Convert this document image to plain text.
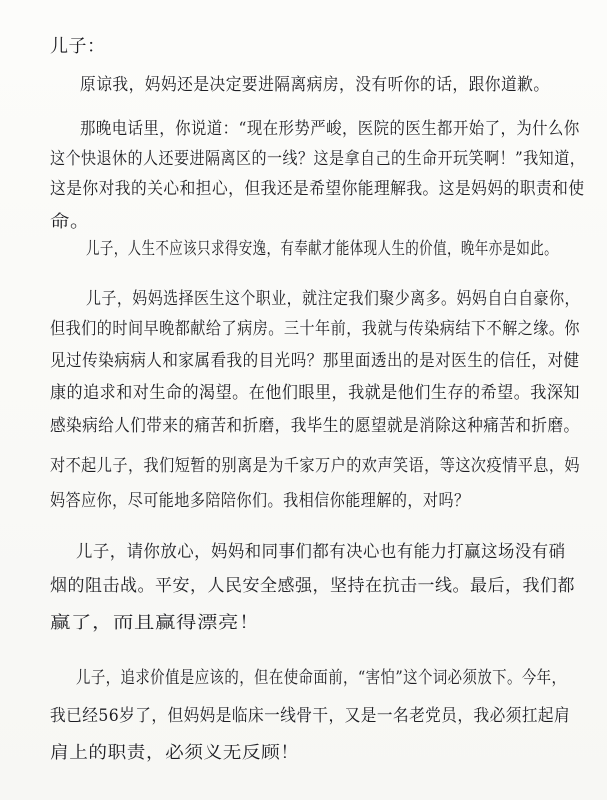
儿子：

原谅我，妈妈还是决定要进隔离病房，没有听你的话，跟你道歉。

那晚电话里，你说道：“现在形势严峻，医院的医生都开始了，为什么你

这个快退休的人还要进隔离区的一线？这是拿自己的生命开玩笑啊！”我知道，

这是你对我的关心和担心，但我还是希望你能理解我。这是妈妈的职责和使

命。

儿子，人生不应该只求得安逸，有奉献才能体现人生的价值，晚年亦是如此。

儿子，妈妈选择医生这个职业，就注定我们聚少离多。妈妈自白自豪你，

但我们的时间早晚都献给了病房。三十年前，我就与传染病结下不解之缘。你

见过传染病病人和家属看我的目光吗？那里面透出的是对医生的信任，对健

康的追求和对生命的渴望。在他们眼里，我就是他们生存的希望。我深知

感染病给人们带来的痛苦和折磨，我毕生的愿望就是消除这种痛苦和折磨。

对不起儿子，我们短暂的别离是为千家万户的欢声笑语，等这次疫情平息，妈

妈答应你，尽可能地多陪陪你们。我相信你能理解的，对吗？

儿子，请你放心，妈妈和同事们都有决心也有能力打赢这场没有硝

烟的阻击战。平安，人民安全感强，坚持在抗击一线。最后，我们都

赢了，而且赢得漂亮！

儿子，追求价值是应该的，但在使命面前，“害怕”这个词必须放下。今年，

我已经56岁了，但妈妈是临床一线骨干，又是一名老党员，我必须扛起肩

肩上的职责，必须义无反顾！
